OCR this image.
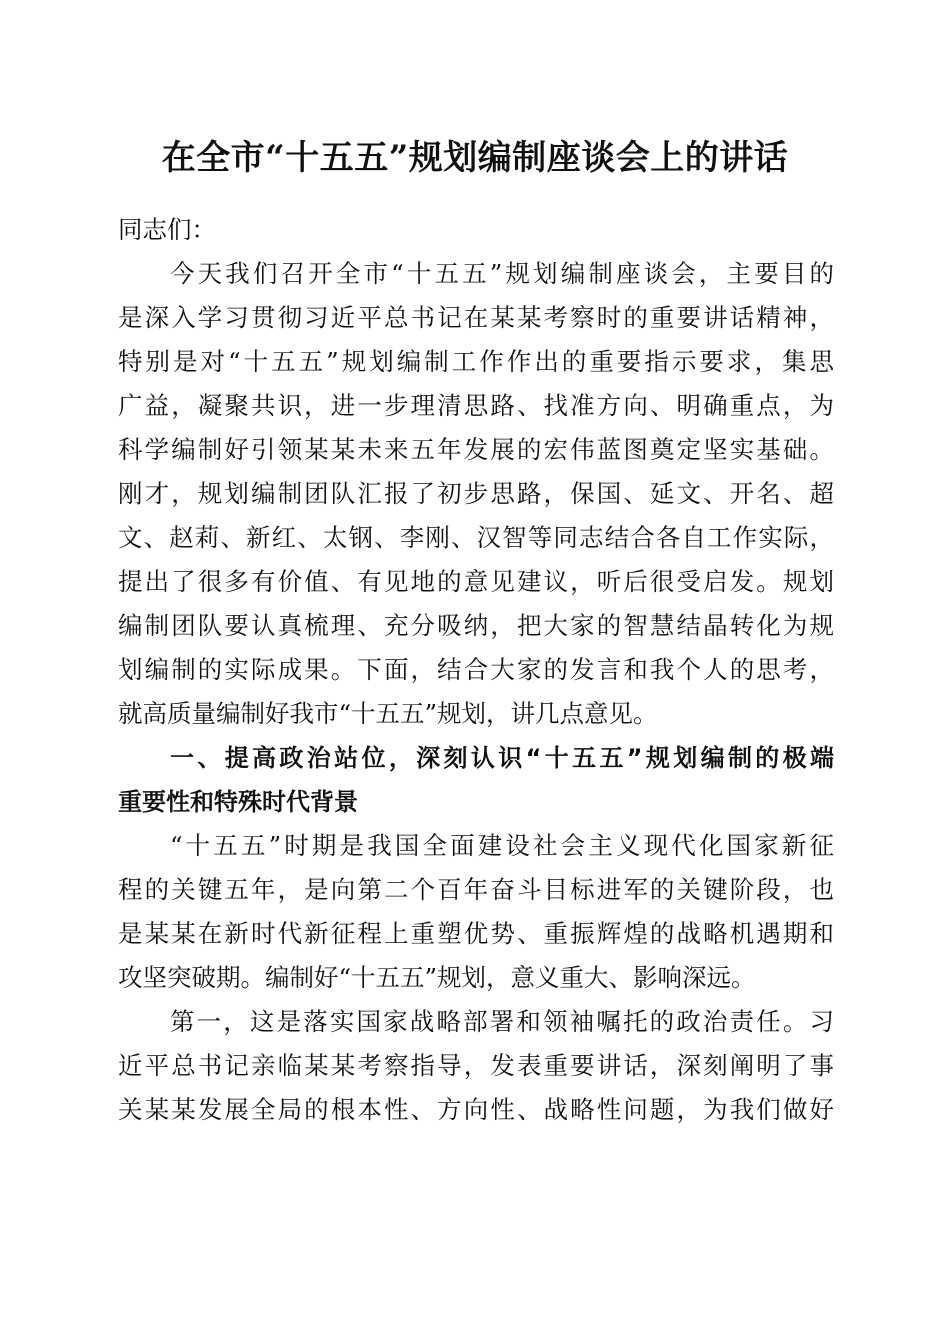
在全市“十五五”规划编制座谈会上的讲话
同志们：
今天我们召开全市“十五五”规划编制座谈会，主要目的
是深入学习贯彻习近平总书记在某某考察时的重要讲话精神，
特别是对“十五五”规划编制工作作出的重要指示要求，集思
广益，凝聚共识，进一步理清思路、找准方向、明确重点，为
科学编制好引领某某未来五年发展的宏伟蓝图奠定坚实基础。
刚才，规划编制团队汇报了初步思路，保国、延文、开名、超
文、赵莉、新红、太钢、李刚、汉智等同志结合各自工作实际，
提出了很多有价值、有见地的意见建议，听后很受启发。规划
编制团队要认真梳理、充分吸纳，把大家的智慧结晶转化为规
划编制的实际成果。下面，结合大家的发言和我个人的思考，
就高质量编制好我市“十五五”规划，讲几点意见。
一、提高政治站位，深刻认识“十五五”规划编制的极端
重要性和特殊时代背景
“十五五”时期是我国全面建设社会主义现代化国家新征
程的关键五年，是向第二个百年奋斗目标进军的关键阶段，也
是某某在新时代新征程上重塑优势、重振辉煌的战略机遇期和
攻坚突破期。编制好“十五五”规划，意义重大、影响深远。
第一，这是落实国家战略部署和领袖嘱托的政治责任。习
近平总书记亲临某某考察指导，发表重要讲话，深刻阐明了事
关某某发展全局的根本性、方向性、战略性问题，为我们做好
